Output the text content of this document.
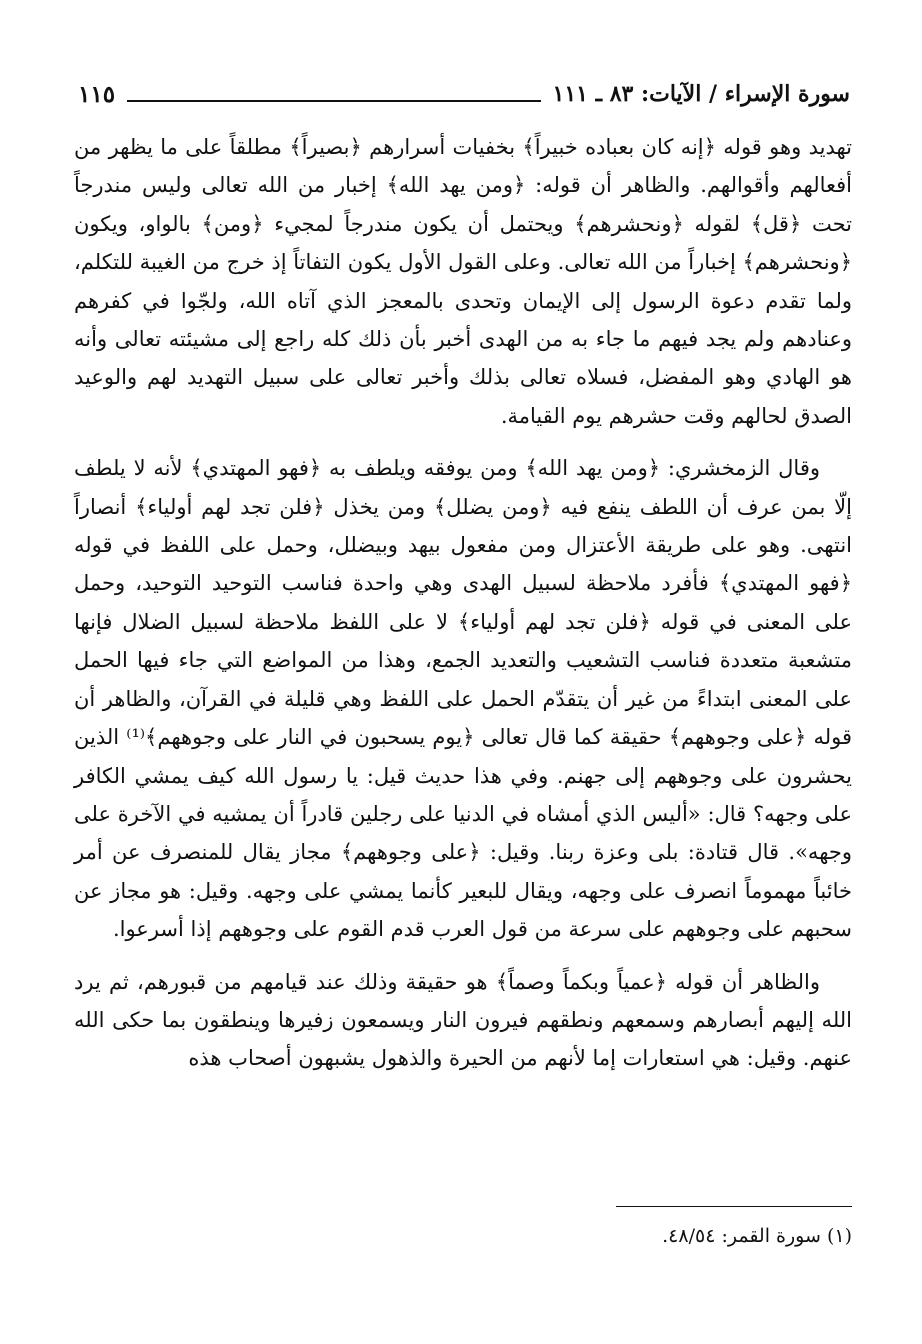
سورة الإسراء / الآيات: ٨٣ ـ ١١١
١١٥

تهديد وهو قوله ﴿إنه كان بعباده خبيراً﴾ بخفيات أسرارهم ﴿بصيراً﴾ مطلقاً على ما يظهر من أفعالهم وأقوالهم. والظاهر أن قوله: ﴿ومن يهد الله﴾ إخبار من الله تعالى وليس مندرجاً تحت ﴿قل﴾ لقوله ﴿ونحشرهم﴾ ويحتمل أن يكون مندرجاً لمجيء ﴿ومن﴾ بالواو، ويكون ﴿ونحشرهم﴾ إخباراً من الله تعالى. وعلى القول الأول يكون التفاتاً إذ خرج من الغيبة للتكلم، ولما تقدم دعوة الرسول إلى الإيمان وتحدى بالمعجز الذي آتاه الله، ولجّوا في كفرهم وعنادهم ولم يجد فيهم ما جاء به من الهدى أخبر بأن ذلك كله راجع إلى مشيئته تعالى وأنه هو الهادي وهو المفضل، فسلاه تعالى بذلك وأخبر تعالى على سبيل التهديد لهم والوعيد الصدق لحالهم وقت حشرهم يوم القيامة.

وقال الزمخشري: ﴿ومن يهد الله﴾ ومن يوفقه ويلطف به ﴿فهو المهتدي﴾ لأنه لا يلطف إلّا بمن عرف أن اللطف ينفع فيه ﴿ومن يضلل﴾ ومن يخذل ﴿فلن تجد لهم أولياء﴾ أنصاراً انتهى. وهو على طريقة الأعتزال ومن مفعول بيهد وبيضلل، وحمل على اللفظ في قوله ﴿فهو المهتدي﴾ فأفرد ملاحظة لسبيل الهدى وهي واحدة فناسب التوحيد التوحيد، وحمل على المعنى في قوله ﴿فلن تجد لهم أولياء﴾ لا على اللفظ ملاحظة لسبيل الضلال فإنها متشعبة متعددة فناسب التشعيب والتعديد الجمع، وهذا من المواضع التي جاء فيها الحمل على المعنى ابتداءً من غير أن يتقدّم الحمل على اللفظ وهي قليلة في القرآن، والظاهر أن قوله ﴿على وجوههم﴾ حقيقة كما قال تعالى ﴿يوم يسحبون في النار على وجوههم﴾⁽¹⁾ الذين يحشرون على وجوههم إلى جهنم. وفي هذا حديث قيل: يا رسول الله كيف يمشي الكافر على وجهه؟ قال: «أليس الذي أمشاه في الدنيا على رجلين قادراً أن يمشيه في الآخرة على وجهه». قال قتادة: بلى وعزة ربنا. وقيل: ﴿على وجوههم﴾ مجاز يقال للمنصرف عن أمر خائباً مهموماً انصرف على وجهه، ويقال للبعير كأنما يمشي على وجهه. وقيل: هو مجاز عن سحبهم على وجوههم على سرعة من قول العرب قدم القوم على وجوههم إذا أسرعوا.

والظاهر أن قوله ﴿عمياً وبكماً وصماً﴾ هو حقيقة وذلك عند قيامهم من قبورهم، ثم يرد الله إليهم أبصارهم وسمعهم ونطقهم فيرون النار ويسمعون زفيرها وينطقون بما حكى الله عنهم. وقيل: هي استعارات إما لأنهم من الحيرة والذهول يشبهون أصحاب هذه

(١) سورة القمر: ٤٨/٥٤.
